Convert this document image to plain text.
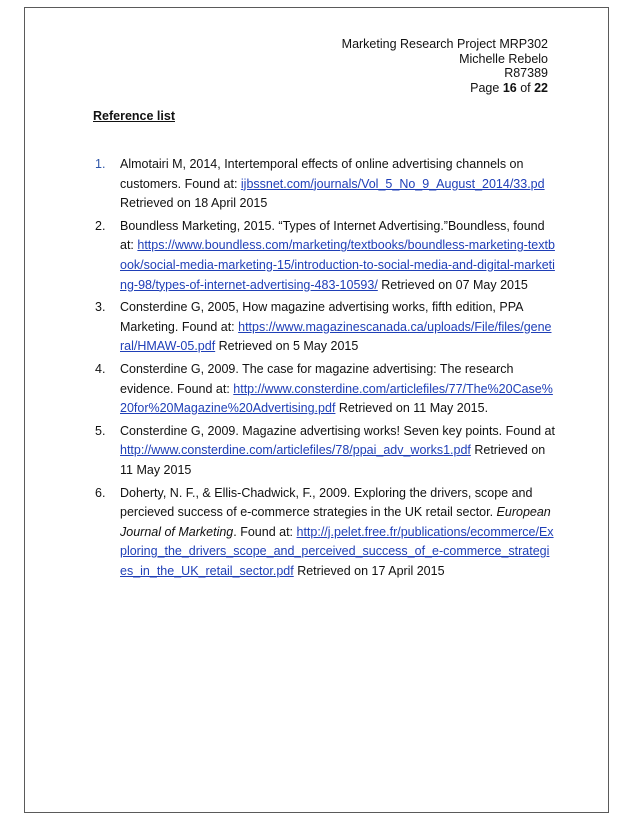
Marketing Research Project MRP302
Michelle Rebelo
R87389
Page 16 of 22
Reference list
1. Almotairi M, 2014, Intertemporal effects of online advertising channels on customers. Found at: ijbssnet.com/journals/Vol_5_No_9_August_2014/33.pd Retrieved on 18 April 2015
2. Boundless Marketing, 2015. “Types of Internet Advertising.”Boundless, found at: https://www.boundless.com/marketing/textbooks/boundless-marketing-textbook/social-media-marketing-15/introduction-to-social-media-and-digital-marketing-98/types-of-internet-advertising-483-10593/ Retrieved on 07 May 2015
3. Consterdine G, 2005, How magazine advertising works, fifth edition, PPA Marketing. Found at: https://www.magazinescanada.ca/uploads/File/files/general/HMAW-05.pdf Retrieved on 5 May 2015
4. Consterdine G, 2009. The case for magazine advertising: The research evidence. Found at: http://www.consterdine.com/articlefiles/77/The%20Case%20for%20Magazine%20Advertising.pdf Retrieved on 11 May 2015.
5. Consterdine G, 2009. Magazine advertising works! Seven key points. Found at http://www.consterdine.com/articlefiles/78/ppai_adv_works1.pdf Retrieved on 11 May 2015
6. Doherty, N. F., & Ellis-Chadwick, F., 2009. Exploring the drivers, scope and percieved success of e-commerce strategies in the UK retail sector. European Journal of Marketing. Found at: http://j.pelet.free.fr/publications/ecommerce/Exploring_the_drivers_scope_and_perceived_success_of_e-commerce_strategies_in_the_UK_retail_sector.pdf Retrieved on 17 April 2015
